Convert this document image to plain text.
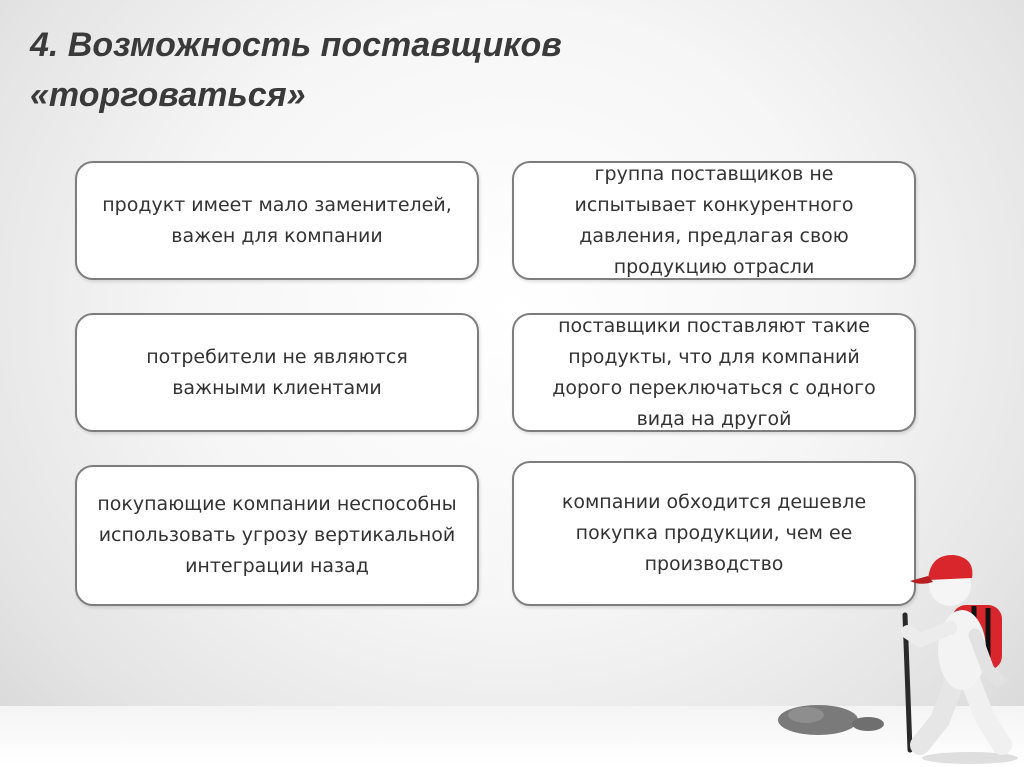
4. Возможность поставщиков
«торговаться»
продукт имеет мало заменителей, важен для компании
группа поставщиков не испытывает конкурентного давления, предлагая свою продукцию отрасли
потребители не являются важными клиентами
поставщики поставляют такие продукты, что для компаний дорого переключаться с одного вида на другой
покупающие компании неспособны использовать угрозу вертикальной интеграции назад
компании обходится дешевле покупка продукции, чем ее производство
